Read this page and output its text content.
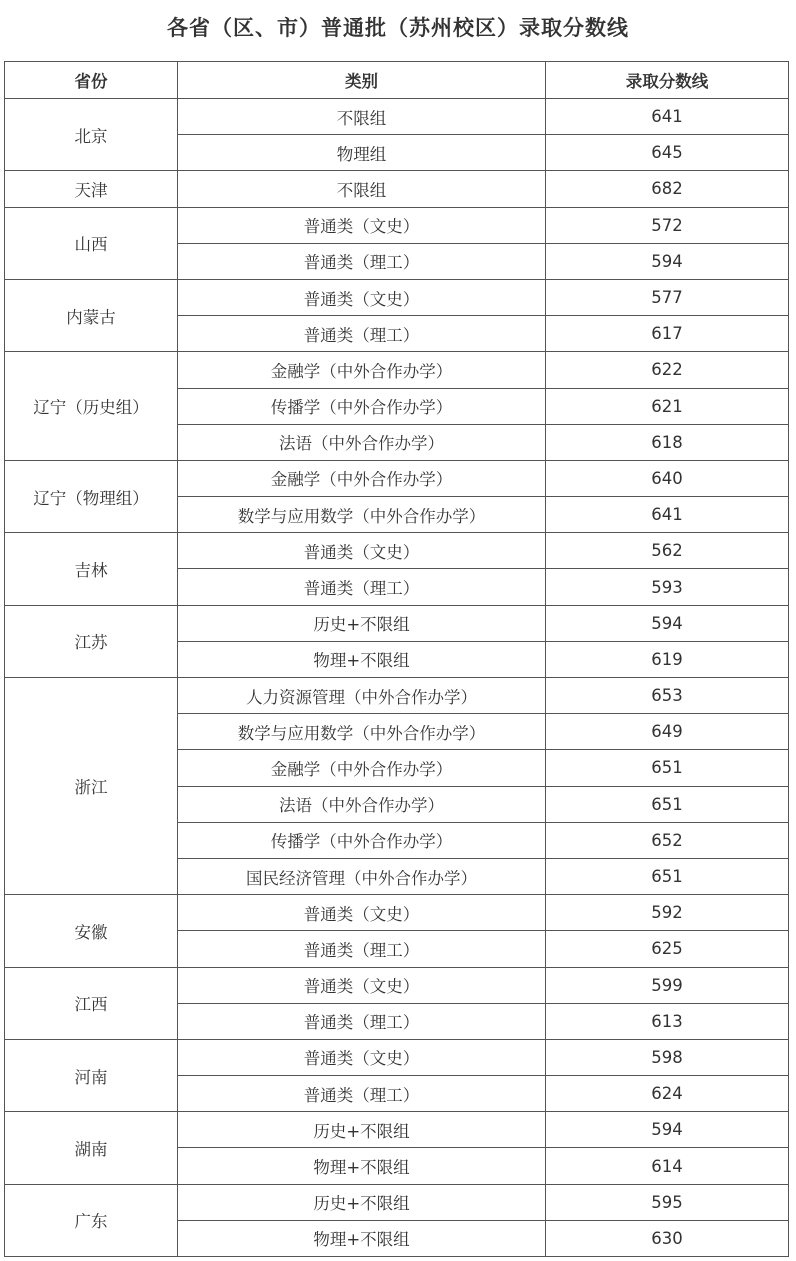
各省（区、市）普通批（苏州校区）录取分数线
省份	类别	录取分数线
北京	不限组	641
	物理组	645
天津	不限组	682
山西	普通类（文史）	572
	普通类（理工）	594
内蒙古	普通类（文史）	577
	普通类（理工）	617
辽宁（历史组）	金融学（中外合作办学）	622
	传播学（中外合作办学）	621
	法语（中外合作办学）	618
辽宁（物理组）	金融学（中外合作办学）	640
	数学与应用数学（中外合作办学）	641
吉林	普通类（文史）	562
	普通类（理工）	593
江苏	历史+不限组	594
	物理+不限组	619
浙江	人力资源管理（中外合作办学）	653
	数学与应用数学（中外合作办学）	649
	金融学（中外合作办学）	651
	法语（中外合作办学）	651
	传播学（中外合作办学）	652
	国民经济管理（中外合作办学）	651
安徽	普通类（文史）	592
	普通类（理工）	625
江西	普通类（文史）	599
	普通类（理工）	613
河南	普通类（文史）	598
	普通类（理工）	624
湖南	历史+不限组	594
	物理+不限组	614
广东	历史+不限组	595
	物理+不限组	630
